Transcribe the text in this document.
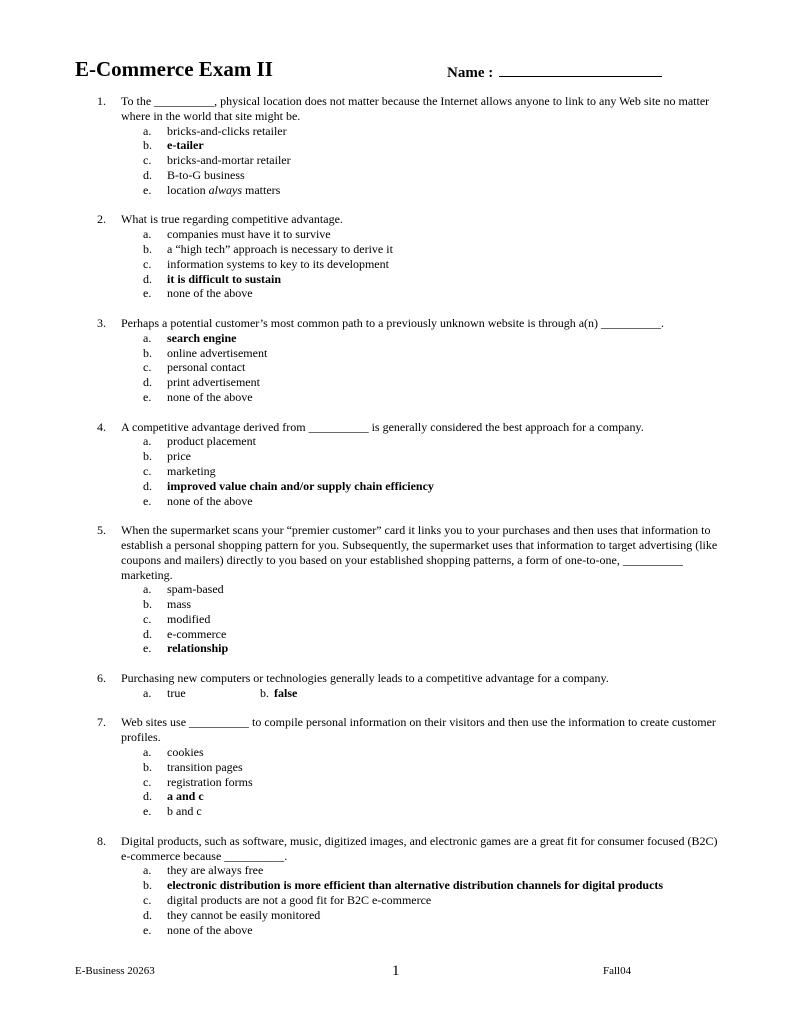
E-Commerce Exam II	Name :
1. To the __________, physical location does not matter because the Internet allows anyone to link to any Web site no matter where in the world that site might be.
a. bricks-and-clicks retailer
b. e-tailer
c. bricks-and-mortar retailer
d. B-to-G business
e. location always matters
2. What is true regarding competitive advantage.
a. companies must have it to survive
b. a “high tech” approach is necessary to derive it
c. information systems to key to its development
d. it is difficult to sustain
e. none of the above
3. Perhaps a potential customer’s most common path to a previously unknown website is through a(n) __________.
a. search engine
b. online advertisement
c. personal contact
d. print advertisement
e. none of the above
4. A competitive advantage derived from __________ is generally considered the best approach for a company.
a. product placement
b. price
c. marketing
d. improved value chain and/or supply chain efficiency
e. none of the above
5. When the supermarket scans your “premier customer” card it links you to your purchases and then uses that information to establish a personal shopping pattern for you. Subsequently, the supermarket uses that information to target advertising (like coupons and mailers) directly to you based on your established shopping patterns, a form of one-to-one, __________ marketing.
a. spam-based
b. mass
c. modified
d. e-commerce
e. relationship
6. Purchasing new computers or technologies generally leads to a competitive advantage for a company.
a. true	b. false
7. Web sites use __________ to compile personal information on their visitors and then use the information to create customer profiles.
a. cookies
b. transition pages
c. registration forms
d. a and c
e. b and c
8. Digital products, such as software, music, digitized images, and electronic games are a great fit for consumer focused (B2C) e-commerce because __________.
a. they are always free
b. electronic distribution is more efficient than alternative distribution channels for digital products
c. digital products are not a good fit for B2C e-commerce
d. they cannot be easily monitored
e. none of the above
E-Business 20263	1	Fall04
